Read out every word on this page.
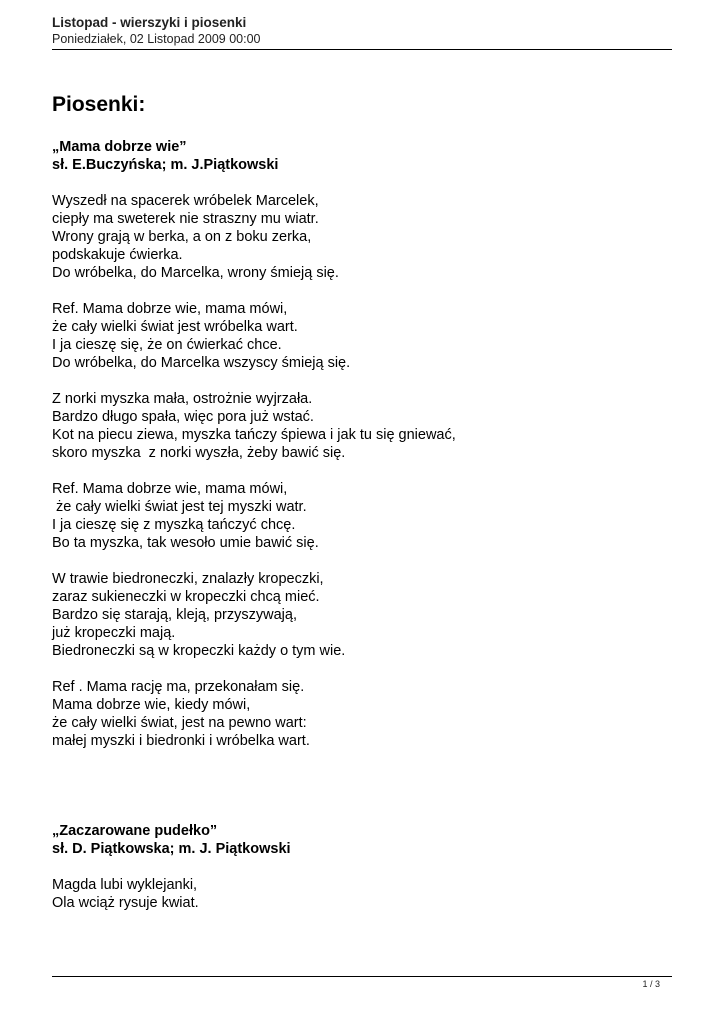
Listopad - wierszyki i piosenki
Poniedziałek, 02 Listopad 2009 00:00
Piosenki:
„Mama dobrze wie”
sł. E.Buczyńska; m. J.Piątkowski
Wyszedł na spacerek wróbelek Marcelek,
ciepły ma sweterek nie straszny mu wiatr.
Wrony grają w berka, a on z boku zerka,
podskakuje ćwierka.
Do wróbelka, do Marcelka, wrony śmieją się.
Ref. Mama dobrze wie, mama mówi,
że cały wielki świat jest wróbelka wart.
I ja cieszę się, że on ćwierkać chce.
Do wróbelka, do Marcelka wszyscy śmieją się.
Z norki myszka mała, ostrożnie wyjrzała.
Bardzo długo spała, więc pora już wstać.
Kot na piecu ziewa, myszka tańczy śpiewa i jak tu się gniewać,
skoro myszka  z norki wyszła, żeby bawić się.
Ref. Mama dobrze wie, mama mówi,
że cały wielki świat jest tej myszki watr.
I ja cieszę się z myszką tańczyć chcę.
Bo ta myszka, tak wesoło umie bawić się.
W trawie biedroneczki, znalazły kropeczki,
zaraz sukieneczki w kropeczki chcą mieć.
Bardzo się starają, kleją, przyszywają,
już kropeczki mają.
Biedroneczki są w kropeczki każdy o tym wie.
Ref . Mama rację ma, przekonałam się.
Mama dobrze wie, kiedy mówi,
że cały wielki świat, jest na pewno wart:
małej myszki i biedronki i wróbelka wart.
„Zaczarowane pudełko”
sł. D. Piątkowska; m. J. Piątkowski
Magda lubi wyklejanki,
Ola wciąż rysuje kwiat.
1 / 3
